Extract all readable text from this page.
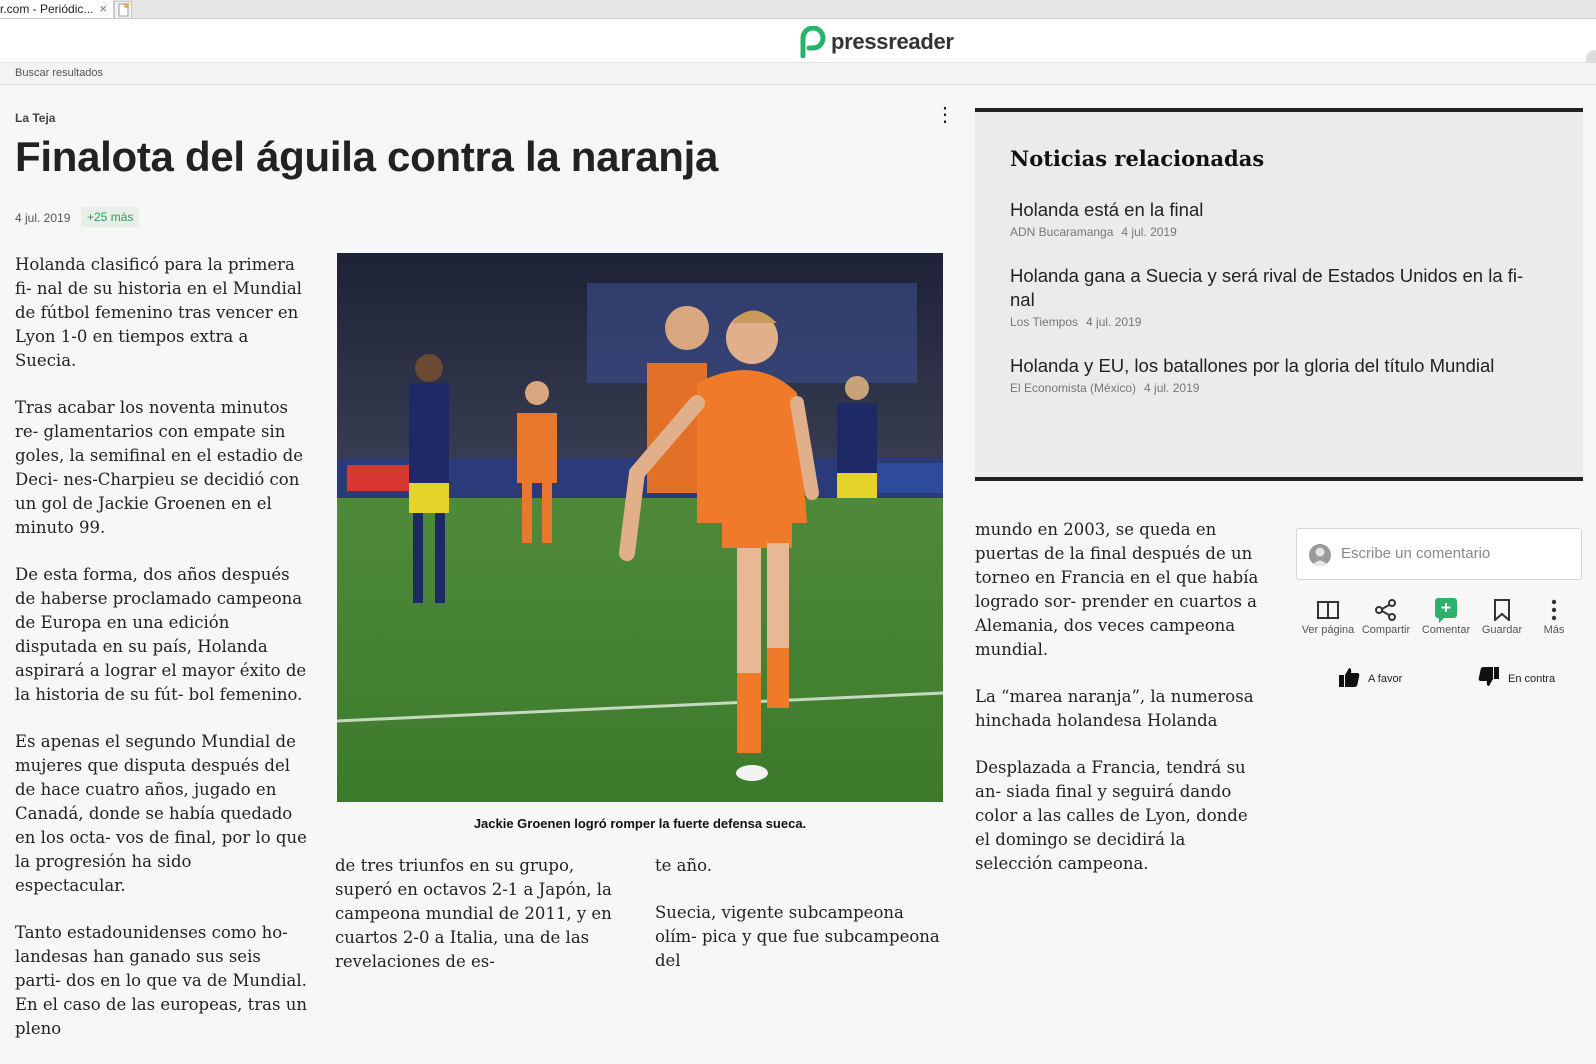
r.com - Periódic... ×
pressreader
Buscar resultados
La Teja	⋮
Finalota del águila contra la naranja
4 jul. 2019	+25 más

Holanda clasificó para la primera fi- nal de su historia en el Mundial de fútbol femenino tras vencer en Lyon 1-0 en tiempos extra a Suecia.

Tras acabar los noventa minutos re- glamentarios con empate sin goles, la semifinal en el estadio de Deci- nes-Charpieu se decidió con un gol de Jackie Groenen en el minuto 99.

De esta forma, dos años después de haberse proclamado campeona de Europa en una edición disputada en su país, Holanda aspirará a lograr el mayor éxito de la historia de su fút- bol femenino.

Es apenas el segundo Mundial de mujeres que disputa después del de hace cuatro años, jugado en Canadá, donde se había quedado en los octa- vos de final, por lo que la progresión ha sido espectacular.

Tanto estadounidenses como ho- landesas han ganado sus seis parti- dos en lo que va de Mundial. En el caso de las europeas, tras un pleno

Jackie Groenen logró romper la fuerte defensa sueca.

de tres triunfos en su grupo, superó en octavos 2-1 a Japón, la campeona mundial de 2011, y en cuartos 2-0 a Italia, una de las revelaciones de es-

te año.

Suecia, vigente subcampeona olím- pica y que fue subcampeona del

Noticias relacionadas
Holanda está en la final
ADN Bucaramanga 4 jul. 2019
Holanda gana a Suecia y será rival de Estados Unidos en la fi- nal
Los Tiempos 4 jul. 2019
Holanda y EU, los batallones por la gloria del título Mundial
El Economista (México) 4 jul. 2019

mundo en 2003, se queda en puertas de la final después de un torneo en Francia en el que había logrado sor- prender en cuartos a Alemania, dos veces campeona mundial.

La “marea naranja”, la numerosa hinchada holandesa Holanda

Desplazada a Francia, tendrá su an- siada final y seguirá dando color a las calles de Lyon, donde el domingo se decidirá la selección campeona.

Escribe un comentario
Ver página Compartir	Comentar	Guardar	Más
A favor	En contra
